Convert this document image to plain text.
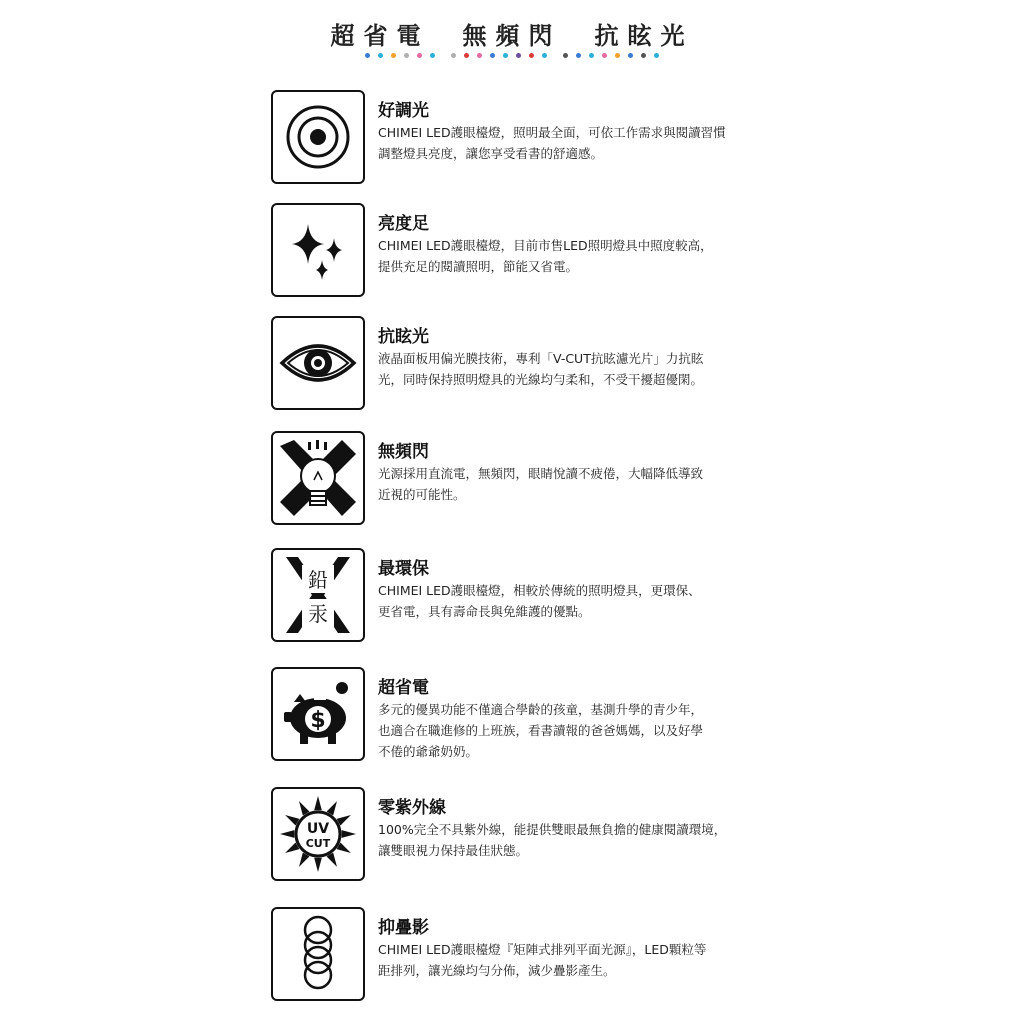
超省電　無頻閃　抗眩光
好調光
CHIMEI LED護眼檯燈，照明最全面，可依工作需求與閱讀習慣
調整燈具亮度，讓您享受看書的舒適感。
亮度足
CHIMEI LED護眼檯燈，目前市售LED照明燈具中照度較高，
提供充足的閱讀照明，節能又省電。
抗眩光
液晶面板用偏光膜技術，專利「V-CUT抗眩濾光片」力抗眩
光，同時保持照明燈具的光線均勻柔和，不受干擾超優閑。
無頻閃
光源採用直流電，無頻閃，眼睛悅讀不疲倦，大幅降低導致
近視的可能性。
鉛
汞
最環保
CHIMEI LED護眼檯燈，相較於傳統的照明燈具，更環保、
更省電，具有壽命長與免維護的優點。
$
超省電
多元的優異功能不僅適合學齡的孩童，基測升學的青少年，
也適合在職進修的上班族，看書讀報的爸爸媽媽，以及好學
不倦的爺爺奶奶。
UV
CUT
零紫外線
100%完全不具紫外線，能提供雙眼最無負擔的健康閱讀環境，
讓雙眼視力保持最佳狀態。
抑疊影
CHIMEI LED護眼檯燈『矩陣式排列平面光源』，LED顆粒等
距排列，讓光線均勻分佈，減少疊影產生。
